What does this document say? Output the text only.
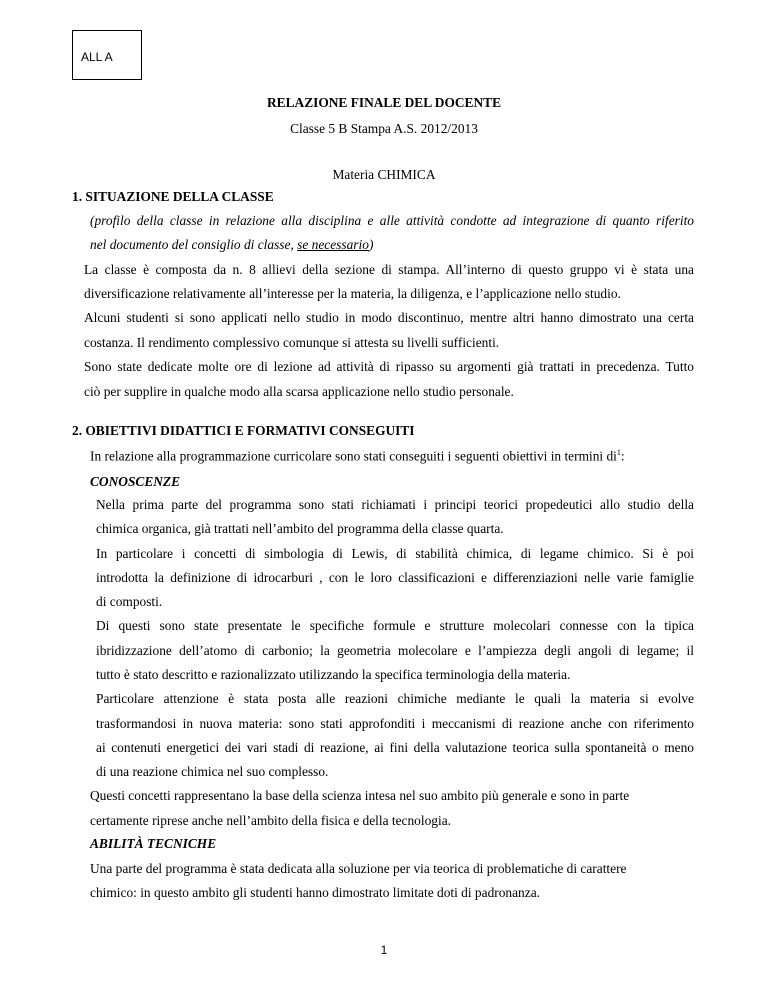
ALL A
RELAZIONE FINALE DEL DOCENTE
Classe 5 B Stampa A.S. 2012/2013
Materia CHIMICA
1. SITUAZIONE DELLA CLASSE
(profilo della classe in relazione alla disciplina e alle attività condotte ad integrazione di quanto riferito
nel documento del consiglio di classe, se necessario)
La classe è composta da n. 8 allievi della sezione di stampa. All’interno di questo gruppo vi è stata una
diversificazione relativamente all’interesse per la materia, la diligenza, e l’applicazione nello studio.
Alcuni studenti si sono applicati nello studio in modo discontinuo, mentre altri hanno dimostrato una certa
costanza. Il rendimento complessivo comunque si attesta su livelli sufficienti.
Sono state dedicate molte ore di lezione ad attività di ripasso su argomenti già trattati in precedenza. Tutto
ciò per supplire in qualche modo alla scarsa applicazione nello studio personale.
2. OBIETTIVI DIDATTICI E FORMATIVI CONSEGUITI
In relazione alla programmazione curricolare sono stati conseguiti i seguenti obiettivi in termini $di^1$:
CONOSCENZE
Nella prima parte del programma sono stati richiamati i principi teorici propedeutici allo studio della
chimica organica, già trattati nell’ambito del programma della classe quarta.
In particolare i concetti di simbologia di Lewis, di stabilità chimica, di legame chimico. Si è poi
introdotta la definizione di idrocarburi , con le loro classificazioni e differenziazioni nelle varie famiglie
di composti.
Di questi sono state presentate le specifiche formule e strutture molecolari connesse con la tipica
ibridizzazione dell’atomo di carbonio; la geometria molecolare e l’ampiezza degli angoli di legame; il
tutto è stato descritto e razionalizzato utilizzando la specifica terminologia della materia.
Particolare attenzione è stata posta alle reazioni chimiche mediante le quali la materia si evolve
trasformandosi in nuova materia: sono stati approfonditi i meccanismi di reazione anche con riferimento
ai contenuti energetici dei vari stadi di reazione, ai fini della valutazione teorica sulla spontaneità o meno
di una reazione chimica nel suo complesso.
Questi concetti rappresentano la base della scienza intesa nel suo ambito più generale e sono in parte
certamente riprese anche nell’ambito della fisica e della tecnologia.
ABILITÀ TECNICHE
Una parte del programma è stata dedicata alla soluzione per via teorica di problematiche di carattere
chimico: in questo ambito gli studenti hanno dimostrato limitate doti di padronanza.
1
